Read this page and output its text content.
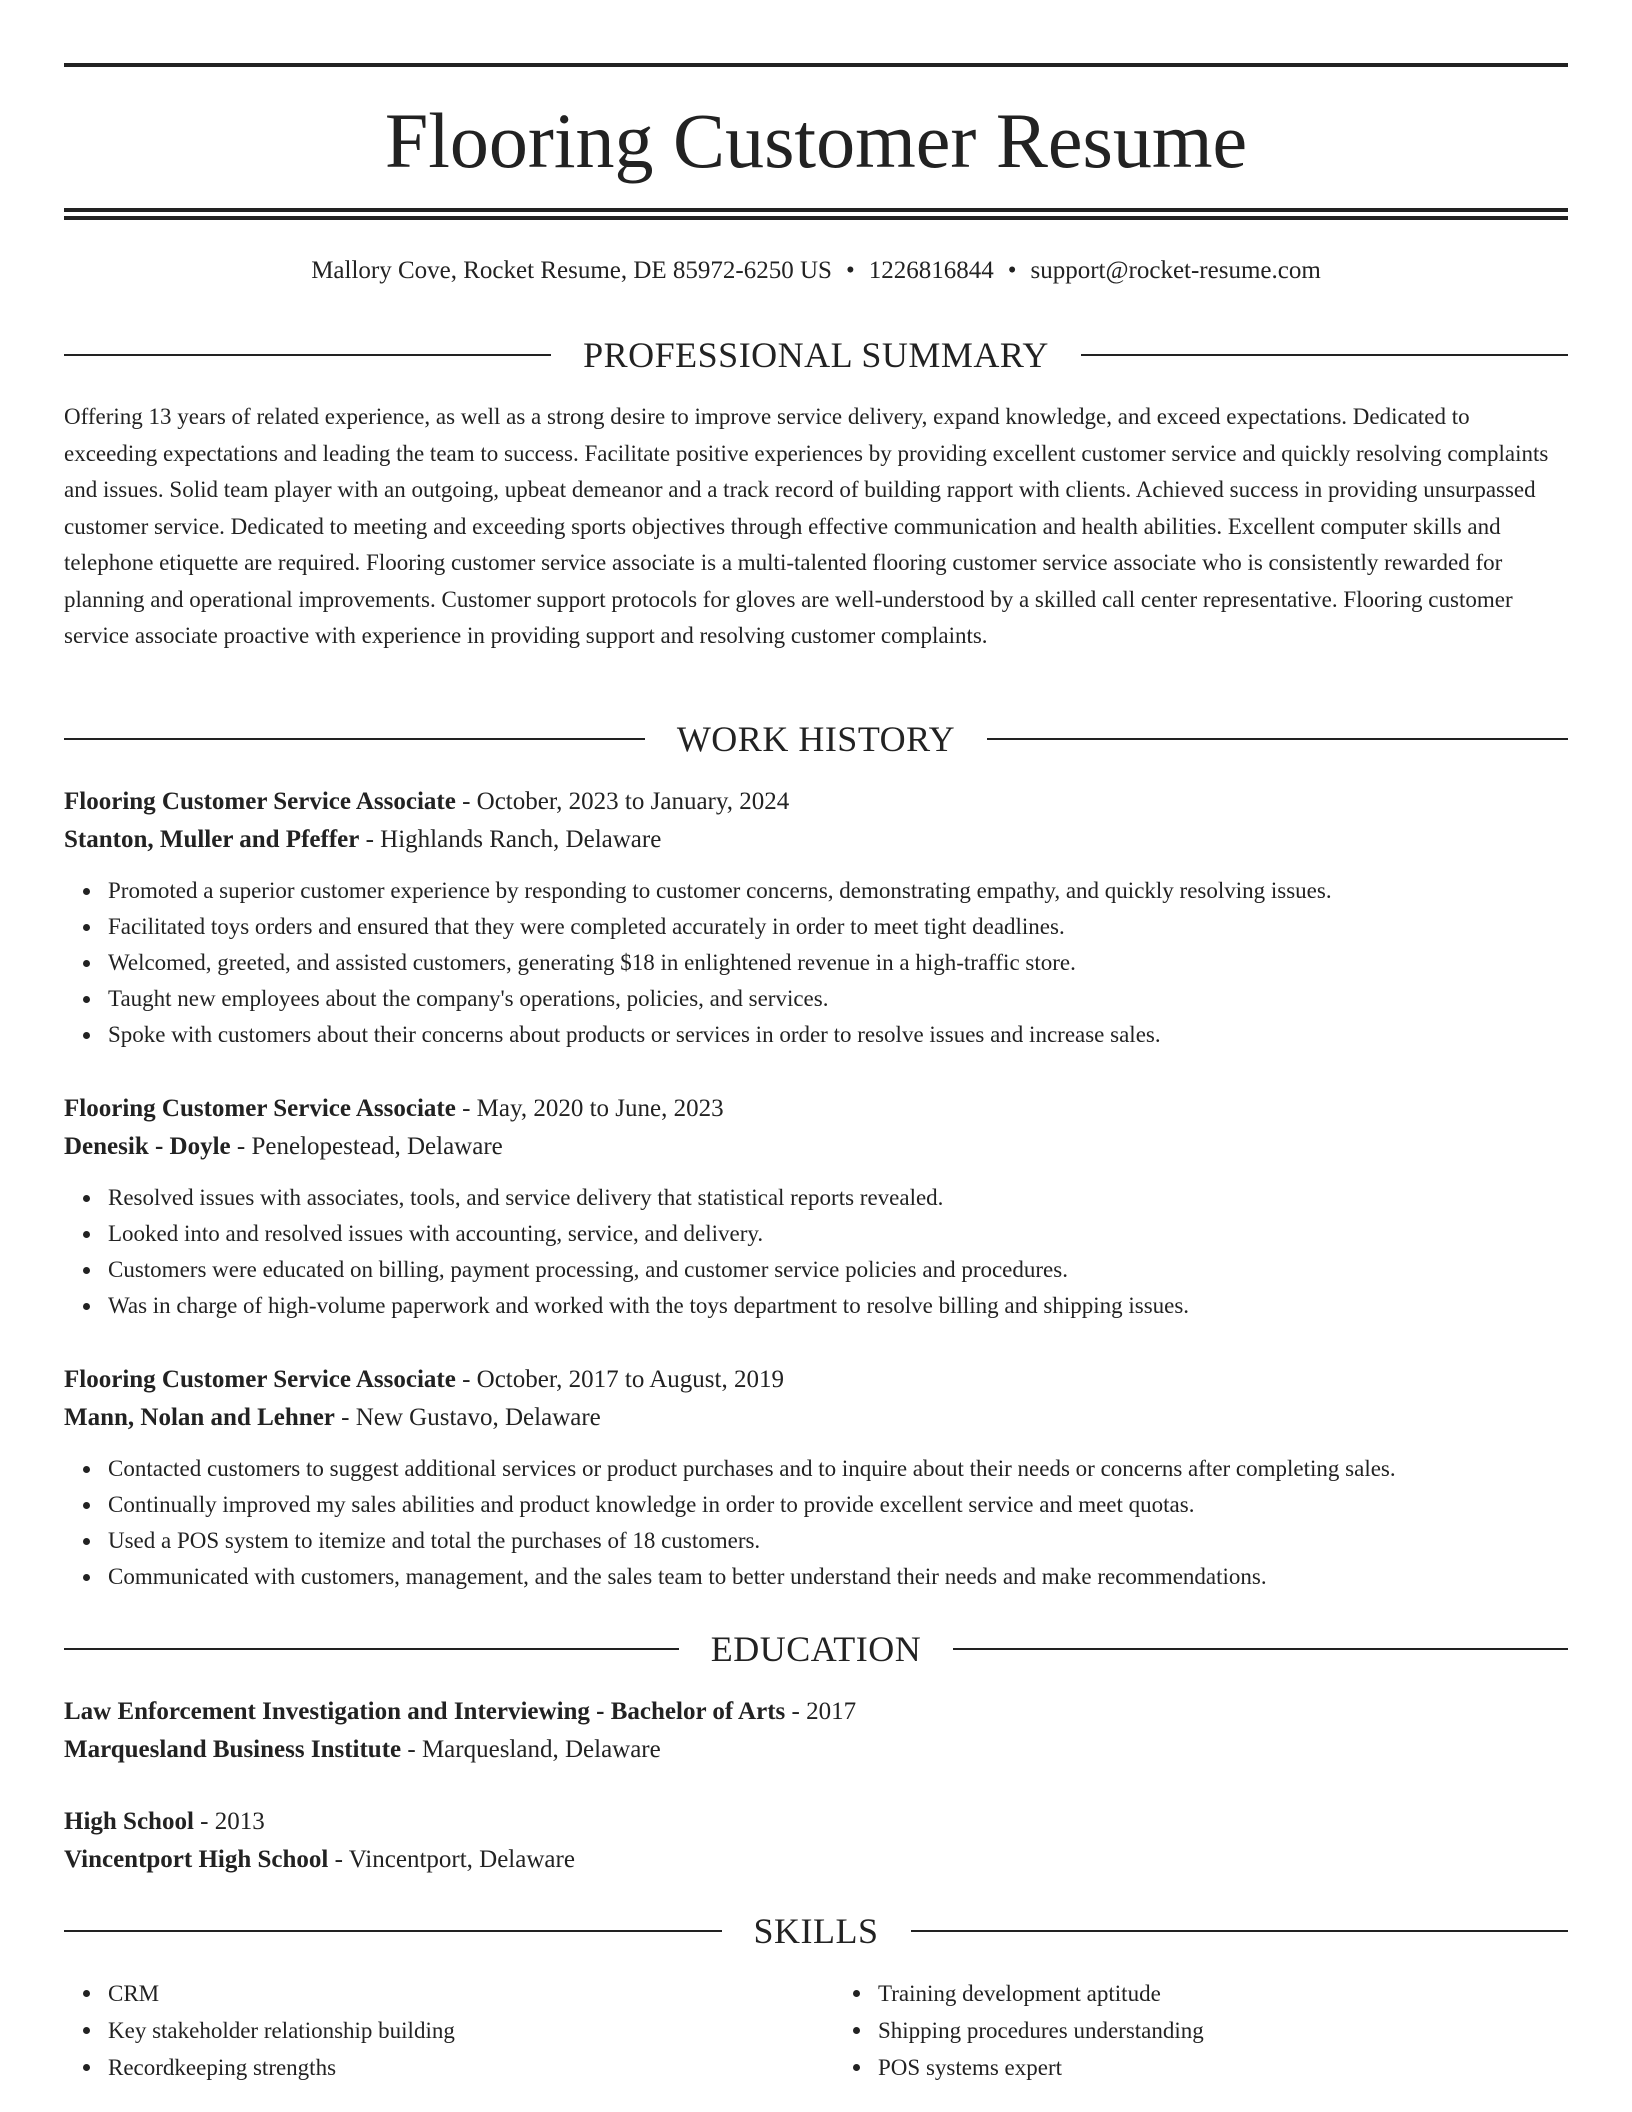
Flooring Customer Resume
Mallory Cove, Rocket Resume, DE 85972-6250 US • 1226816844 • support@rocket-resume.com
PROFESSIONAL SUMMARY

Offering 13 years of related experience, as well as a strong desire to improve service delivery, expand knowledge, and exceed expectations. Dedicated to exceeding expectations and leading the team to success. Facilitate positive experiences by providing excellent customer service and quickly resolving complaints and issues. Solid team player with an outgoing, upbeat demeanor and a track record of building rapport with clients. Achieved success in providing unsurpassed customer service. Dedicated to meeting and exceeding sports objectives through effective communication and health abilities. Excellent computer skills and telephone etiquette are required. Flooring customer service associate is a multi-talented flooring customer service associate who is consistently rewarded for planning and operational improvements. Customer support protocols for gloves are well-understood by a skilled call center representative. Flooring customer service associate proactive with experience in providing support and resolving customer complaints.

WORK HISTORY
Flooring Customer Service Associate - October, 2023 to January, 2024
Stanton, Muller and Pfeffer - Highlands Ranch, Delaware
Promoted a superior customer experience by responding to customer concerns, demonstrating empathy, and quickly resolving issues.
Facilitated toys orders and ensured that they were completed accurately in order to meet tight deadlines.
Welcomed, greeted, and assisted customers, generating $18 in enlightened revenue in a high-traffic store.
Taught new employees about the company's operations, policies, and services.
Spoke with customers about their concerns about products or services in order to resolve issues and increase sales.
Flooring Customer Service Associate - May, 2020 to June, 2023
Denesik - Doyle - Penelopestead, Delaware
Resolved issues with associates, tools, and service delivery that statistical reports revealed.
Looked into and resolved issues with accounting, service, and delivery.
Customers were educated on billing, payment processing, and customer service policies and procedures.
Was in charge of high-volume paperwork and worked with the toys department to resolve billing and shipping issues.
Flooring Customer Service Associate - October, 2017 to August, 2019
Mann, Nolan and Lehner - New Gustavo, Delaware
Contacted customers to suggest additional services or product purchases and to inquire about their needs or concerns after completing sales.
Continually improved my sales abilities and product knowledge in order to provide excellent service and meet quotas.
Used a POS system to itemize and total the purchases of 18 customers.
Communicated with customers, management, and the sales team to better understand their needs and make recommendations.
EDUCATION
Law Enforcement Investigation and Interviewing - Bachelor of Arts - 2017
Marquesland Business Institute - Marquesland, Delaware
High School - 2013
Vincentport High School - Vincentport, Delaware
SKILLS
CRM
Key stakeholder relationship building
Recordkeeping strengths
Training development aptitude
Shipping procedures understanding
POS systems expert
